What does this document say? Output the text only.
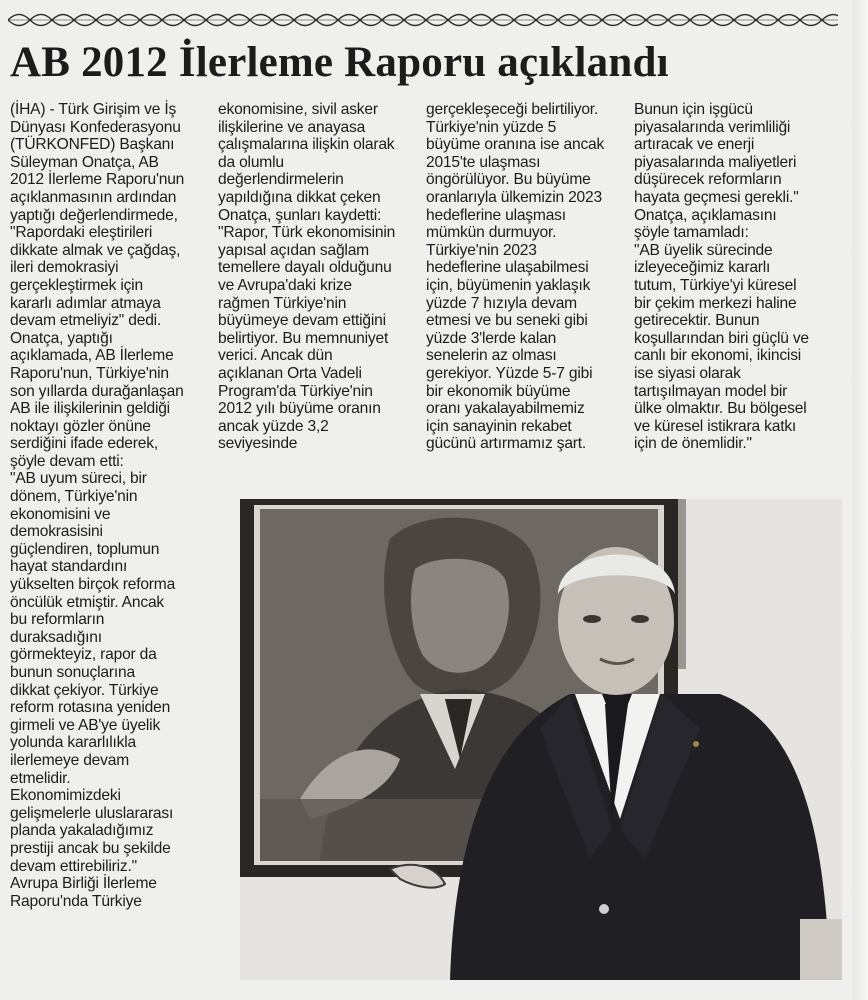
AB 2012 İlerleme Raporu açıklandı
(İHA) - Türk Girişim ve İş
Dünyası Konfederasyonu
(TÜRKONFED) Başkanı
Süleyman Onatça, AB
2012 İlerleme Raporu'nun
açıklanmasının ardından
yaptığı değerlendirmede,
"Rapordaki eleştirileri
dikkate almak ve çağdaş,
ileri demokrasiyi
gerçekleştirmek için
kararlı adımlar atmaya
devam etmeliyiz" dedi.
Onatça, yaptığı
açıklamada, AB İlerleme
Raporu'nun, Türkiye'nin
son yıllarda durağanlaşan
AB ile ilişkilerinin geldiği
noktayı gözler önüne
serdiğini ifade ederek,
şöyle devam etti:
"AB uyum süreci, bir
dönem, Türkiye'nin
ekonomisini ve
demokrasisini
güçlendiren, toplumun
hayat standardını
yükselten birçok reforma
öncülük etmiştir. Ancak
bu reformların
duraksadığını
görmekteyiz, rapor da
bunun sonuçlarına
dikkat çekiyor. Türkiye
reform rotasına yeniden
girmeli ve AB'ye üyelik
yolunda kararlılıkla
ilerlemeye devam
etmelidir.
Ekonomimizdeki
gelişmelerle uluslararası
planda yakaladığımız
prestiji ancak bu şekilde
devam ettirebiliriz."
Avrupa Birliği İlerleme
Raporu'nda Türkiye
ekonomisine, sivil asker
ilişkilerine ve anayasa
çalışmalarına ilişkin olarak
da olumlu
değerlendirmelerin
yapıldığına dikkat çeken
Onatça, şunları kaydetti:
"Rapor, Türk ekonomisinin
yapısal açıdan sağlam
temellere dayalı olduğunu
ve Avrupa'daki krize
rağmen Türkiye'nin
büyümeye devam ettiğini
belirtiyor. Bu memnuniyet
verici. Ancak dün
açıklanan Orta Vadeli
Program'da Türkiye'nin
2012 yılı büyüme oranın
ancak yüzde 3,2
seviyesinde
gerçekleşeceği belirtiliyor.
Türkiye'nin yüzde 5
büyüme oranına ise ancak
2015'te ulaşması
öngörülüyor. Bu büyüme
oranlarıyla ülkemizin 2023
hedeflerine ulaşması
mümkün durmuyor.
Türkiye'nin 2023
hedeflerine ulaşabilmesi
için, büyümenin yaklaşık
yüzde 7 hızıyla devam
etmesi ve bu seneki gibi
yüzde 3'lerde kalan
senelerin az olması
gerekiyor. Yüzde 5-7 gibi
bir ekonomik büyüme
oranı yakalayabilmemiz
için sanayinin rekabet
gücünü artırmamız şart.
Bunun için işgücü
piyasalarında verimliliği
artıracak ve enerji
piyasalarında maliyetleri
düşürecek reformların
hayata geçmesi gerekli."
Onatça, açıklamasını
şöyle tamamladı:
"AB üyelik sürecinde
izleyeceğimiz kararlı
tutum, Türkiye'yi küresel
bir çekim merkezi haline
getirecektir. Bunun
koşullarından biri güçlü ve
canlı bir ekonomi, ikincisi
ise siyasi olarak
tartışılmayan model bir
ülke olmaktır. Bu bölgesel
ve küresel istikrara katkı
için de önemlidir."
